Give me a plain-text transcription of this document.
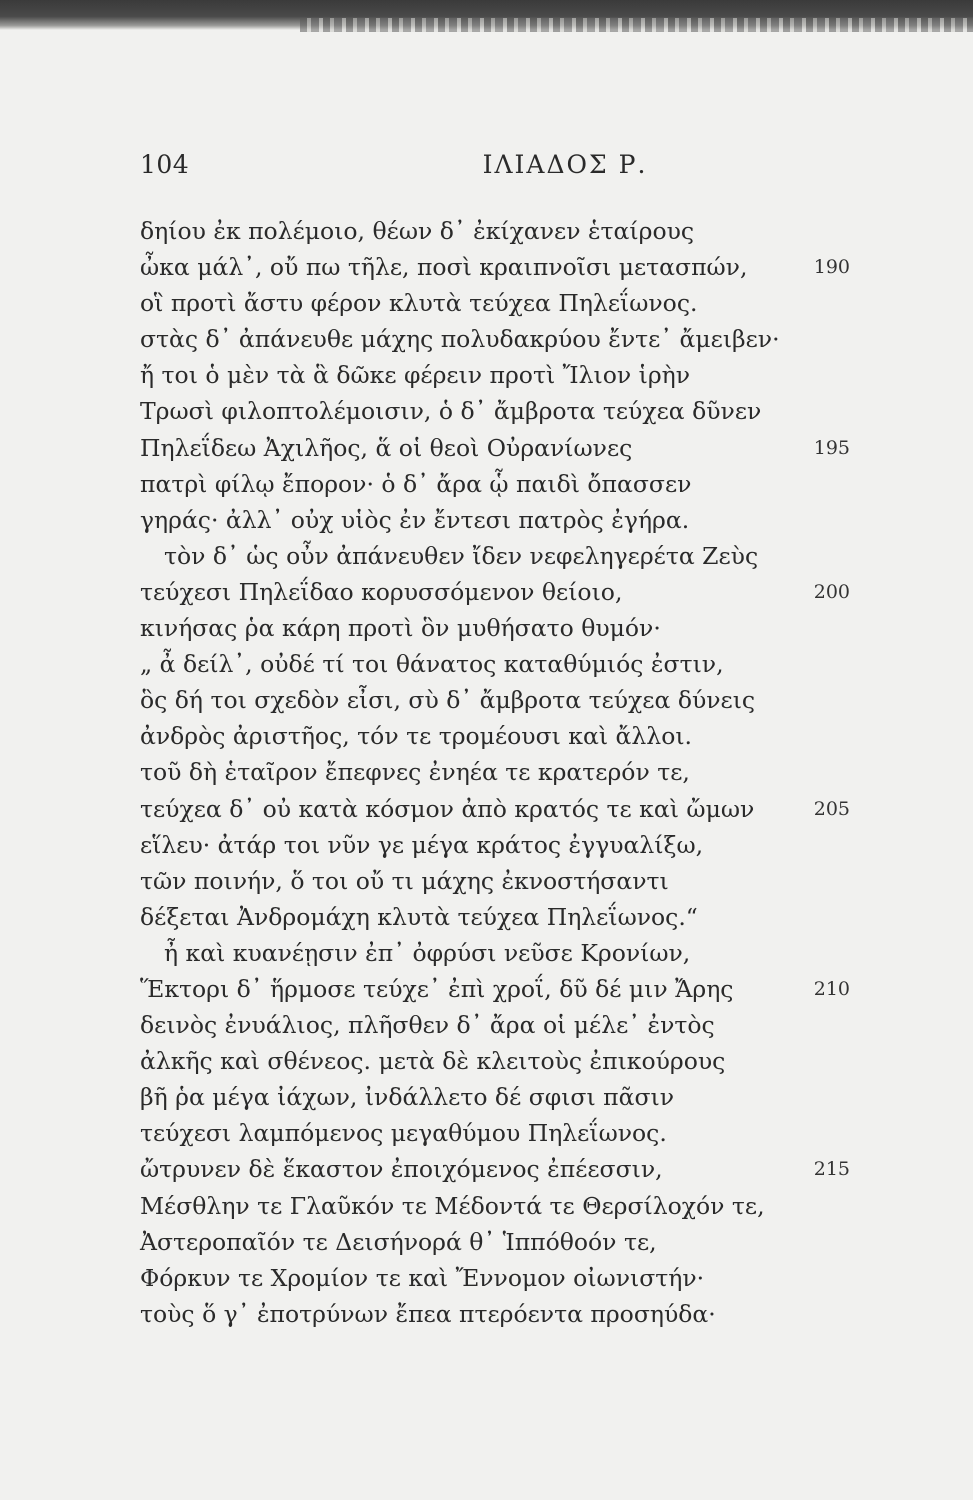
104	ΙΛΙΑΔΟΣ Ρ.
δηίου ἐκ πολέμοιο, θέων δ᾽ ἐκίχανεν ἑταίρους
ὦκα μάλ᾽, οὔ πω τῆλε, ποσὶ κραιπνοῖσι μετασπών,	190
οἳ προτὶ ἄστυ φέρον κλυτὰ τεύχεα Πηλεΐωνος.
στὰς δ᾽ ἀπάνευθε μάχης πολυδακρύου ἔντε᾽ ἄμειβεν·
ἤ τοι ὁ μὲν τὰ ἃ δῶκε φέρειν προτὶ Ἴλιον ἱρὴν
Τρωσὶ φιλοπτολέμοισιν, ὁ δ᾽ ἄμβροτα τεύχεα δῦνεν
Πηλεΐδεω Ἀχιλῆος, ἅ οἱ θεοὶ Οὐρανίωνες	195
πατρὶ φίλῳ ἔπορον· ὁ δ᾽ ἄρα ᾧ παιδὶ ὄπασσεν
γηράς· ἀλλ᾽ οὐχ υἱὸς ἐν ἔντεσι πατρὸς ἐγήρα.
τὸν δ᾽ ὡς οὖν ἀπάνευθεν ἴδεν νεφεληγερέτα Ζεὺς
τεύχεσι Πηλεΐδαο κορυσσόμενον θείοιο,	200
κινήσας ῥα κάρη προτὶ ὃν μυθήσατο θυμόν·
„ ἆ δείλ᾽, οὐδέ τί τοι θάνατος καταθύμιός ἐστιν,
ὃς δή τοι σχεδὸν εἶσι, σὺ δ᾽ ἄμβροτα τεύχεα δύνεις
ἀνδρὸς ἀριστῆος, τόν τε τρομέουσι καὶ ἄλλοι.
τοῦ δὴ ἑταῖρον ἔπεφνες ἐνηέα τε κρατερόν τε,
τεύχεα δ᾽ οὐ κατὰ κόσμον ἀπὸ κρατός τε καὶ ὤμων	205
εἵλευ· ἀτάρ τοι νῦν γε μέγα κράτος ἐγγυαλίξω,
τῶν ποινήν, ὅ τοι οὔ τι μάχης ἐκνοστήσαντι
δέξεται Ἀνδρομάχη κλυτὰ τεύχεα Πηλεΐωνος.“
ἦ καὶ κυανέῃσιν ἐπ᾽ ὀφρύσι νεῦσε Κρονίων,
Ἕκτορι δ᾽ ἥρμοσε τεύχε᾽ ἐπὶ χροΐ, δῦ δέ μιν Ἄρης	210
δεινὸς ἐνυάλιος, πλῆσθεν δ᾽ ἄρα οἱ μέλε᾽ ἐντὸς
ἀλκῆς καὶ σθένεος. μετὰ δὲ κλειτοὺς ἐπικούρους
βῆ ῥα μέγα ἰάχων, ἰνδάλλετο δέ σφισι πᾶσιν
τεύχεσι λαμπόμενος μεγαθύμου Πηλεΐωνος.
ὤτρυνεν δὲ ἕκαστον ἐποιχόμενος ἐπέεσσιν,	215
Μέσθλην τε Γλαῦκόν τε Μέδοντά τε Θερσίλοχόν τε,
Ἀστεροπαῖόν τε Δεισήνορά θ᾽ Ἱππόθοόν τε,
Φόρκυν τε Χρομίον τε καὶ Ἔννομον οἰωνιστήν·
τοὺς ὅ γ᾽ ἐποτρύνων ἔπεα πτερόεντα προσηύδα·
